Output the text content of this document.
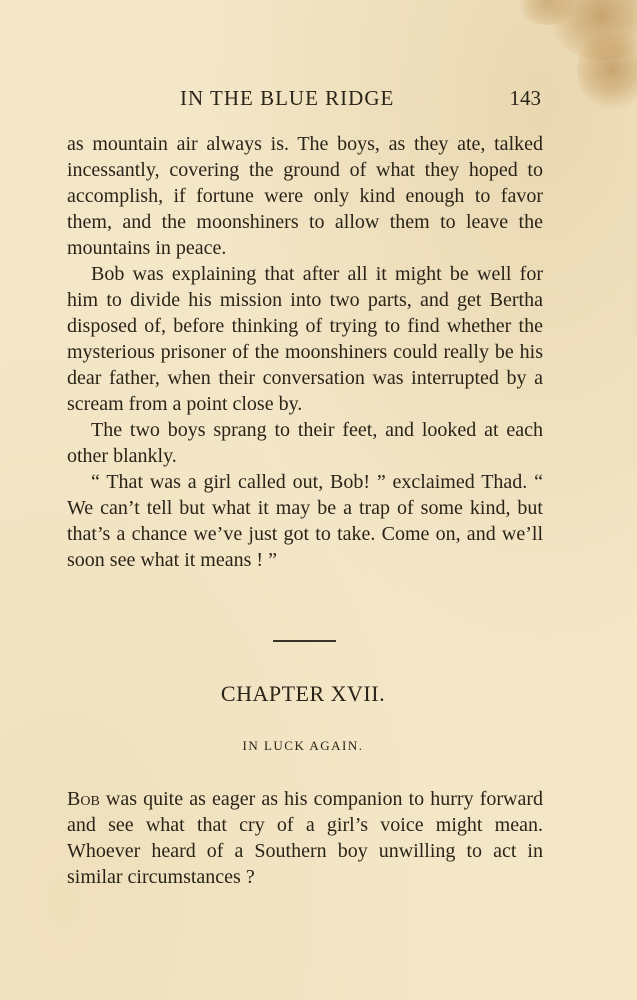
IN THE BLUE RIDGE	143

as mountain air always is. The boys, as they ate, talked incessantly, covering the ground of what they hoped to accomplish, if fortune were only kind enough to favor them, and the moonshiners to allow them to leave the mountains in peace.

Bob was explaining that after all it might be well for him to divide his mission into two parts, and get Bertha disposed of, before thinking of trying to find whether the mysterious prisoner of the moonshiners could really be his dear father, when their conversation was interrupted by a scream from a point close by.

The two boys sprang to their feet, and looked at each other blankly.

“ That was a girl called out, Bob! ” exclaimed Thad. “ We can’t tell but what it may be a trap of some kind, but that’s a chance we’ve just got to take. Come on, and we’ll soon see what it means ! ”

CHAPTER XVII.
IN LUCK AGAIN.

Bob was quite as eager as his companion to hurry forward and see what that cry of a girl’s voice might mean. Whoever heard of a Southern boy unwilling to act in similar circumstances ?
